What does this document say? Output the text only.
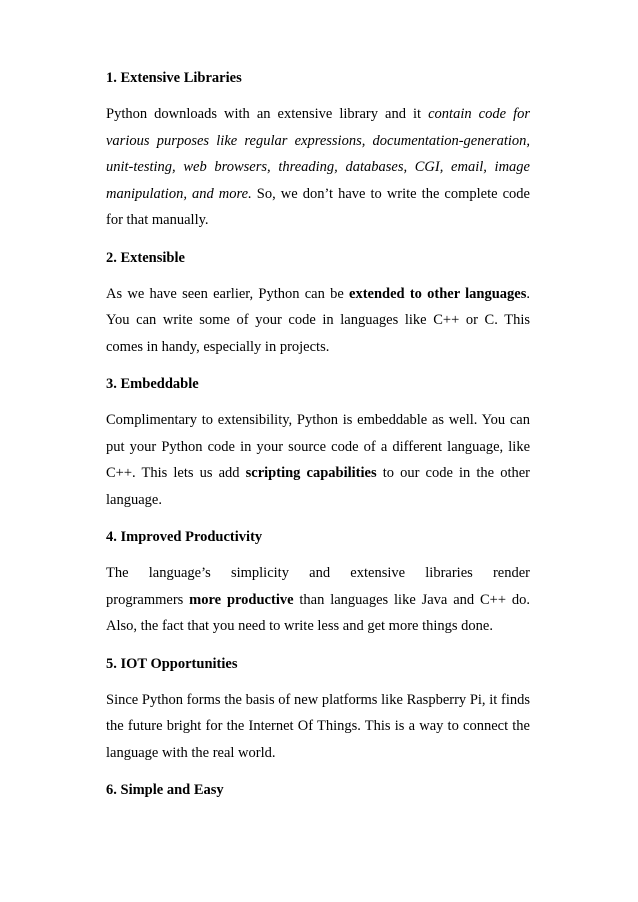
1. Extensive Libraries

Python downloads with an extensive library and it contain code for various purposes like regular expressions, documentation-generation, unit-testing, web browsers, threading, databases, CGI, email, image manipulation, and more. So, we don’t have to write the complete code for that manually.

2. Extensible

As we have seen earlier, Python can be extended to other languages. You can write some of your code in languages like C++ or C. This comes in handy, especially in projects.

3. Embeddable

Complimentary to extensibility, Python is embeddable as well. You can put your Python code in your source code of a different language, like C++. This lets us add scripting capabilities to our code in the other language.

4. Improved Productivity

The language’s simplicity and extensive libraries render

programmers more productive than languages like Java and C++ do. Also, the fact that you need to write less and get more things done.

5. IOT Opportunities

Since Python forms the basis of new platforms like Raspberry Pi, it finds the future bright for the Internet Of Things. This is a way to connect the language with the real world.

6. Simple and Easy
